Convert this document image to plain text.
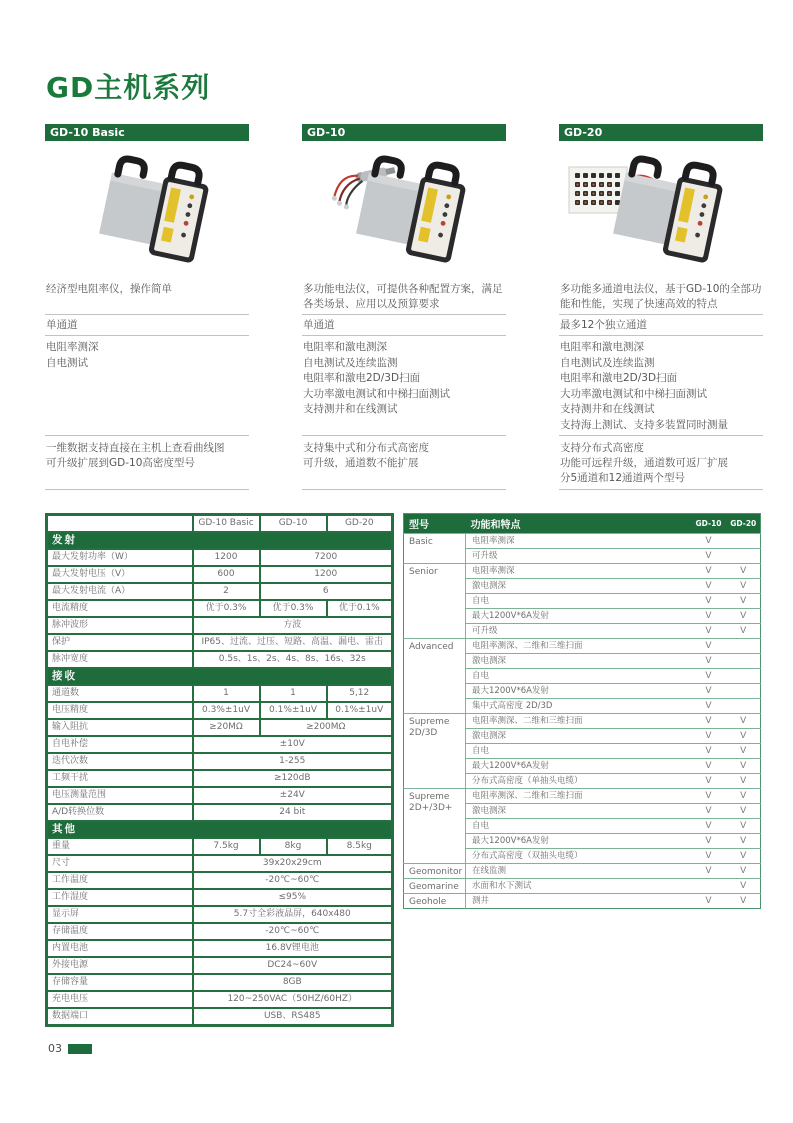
GD主机系列
GD-10 Basic
经济型电阻率仪，操作简单
单通道
电阻率测深
自电测试
一维数据支持直接在主机上查看曲线图
可升级扩展到GD-10高密度型号
GD-10
多功能电法仪，可提供各种配置方案，满足各类场景、应用以及预算要求
单通道
电阻率和激电测深
自电测试及连续监测
电阻率和激电2D/3D扫面
大功率激电测试和中梯扫面测试
支持测井和在线测试
支持集中式和分布式高密度
可升级，通道数不能扩展
GD-20
多功能多通道电法仪，基于GD-10的全部功能和性能，实现了快速高效的特点
最多12个独立通道
电阻率和激电测深
自电测试及连续监测
电阻率和激电2D/3D扫面
大功率激电测试和中梯扫面测试
支持测井和在线测试
支持海上测试、支持多装置同时测量
支持分布式高密度
功能可远程升级，通道数可返厂扩展
分5通道和12通道两个型号
	GD-10 Basic	GD-10	GD-20
发射			
最大发射功率（W）	1200	7200	
最大发射电压（V）	600	1200	
最大发射电流（A）	2	6	
电流精度	优于0.3%	优于0.3%	优于0.1%
脉冲波形	方波		
保护	IP65、过流、过压、短路、高温、漏电、雷击		
脉冲宽度	0.5s、1s、2s、4s、8s、16s、32s		
接收			
通道数	1	1	5,12
电压精度	0.3%±1uV	0.1%±1uV	0.1%±1uV
输入阻抗	≥20MΩ	≥200MΩ	
自电补偿	±10V		
迭代次数	1-255		
工频干扰	≥120dB		
电压测量范围	±24V		
A/D转换位数	24 bit		
其他			
重量	7.5kg	8kg	8.5kg
尺寸	39x20x29cm		
工作温度	-20℃~60℃		
工作湿度	≤95%		
显示屏	5.7寸全彩液晶屏，640x480		
存储温度	-20℃~60℃		
内置电池	16.8V锂电池		
外接电源	DC24~60V		
存储容量	8GB		
充电电压	120~250VAC（50HZ/60HZ）		
数据端口	USB、RS485		
型号	功能和特点	GD-10	GD-20
Basic	电阻率测深	V	
	可升级	V	
Senior	电阻率测深	V	V
	激电测深	V	V
	自电	V	V
	最大1200V*6A发射	V	V
	可升级	V	V
Advanced	电阻率测深、二维和三维扫面	V	
	激电测深	V	
	自电	V	
	最大1200V*6A发射	V	
	集中式高密度 2D/3D	V	
Supreme 2D/3D	电阻率测深、二维和三维扫面	V	V
	激电测深	V	V
	自电	V	V
	最大1200V*6A发射	V	V
	分布式高密度（单抽头电缆）	V	V
Supreme 2D+/3D+	电阻率测深、二维和三维扫面	V	V
	激电测深	V	V
	自电	V	V
	最大1200V*6A发射	V	V
	分布式高密度（双抽头电缆）	V	V
Geomonitor	在线监测	V	V
Geomarine	水面和水下测试		V
Geohole	测井	V	V
03
